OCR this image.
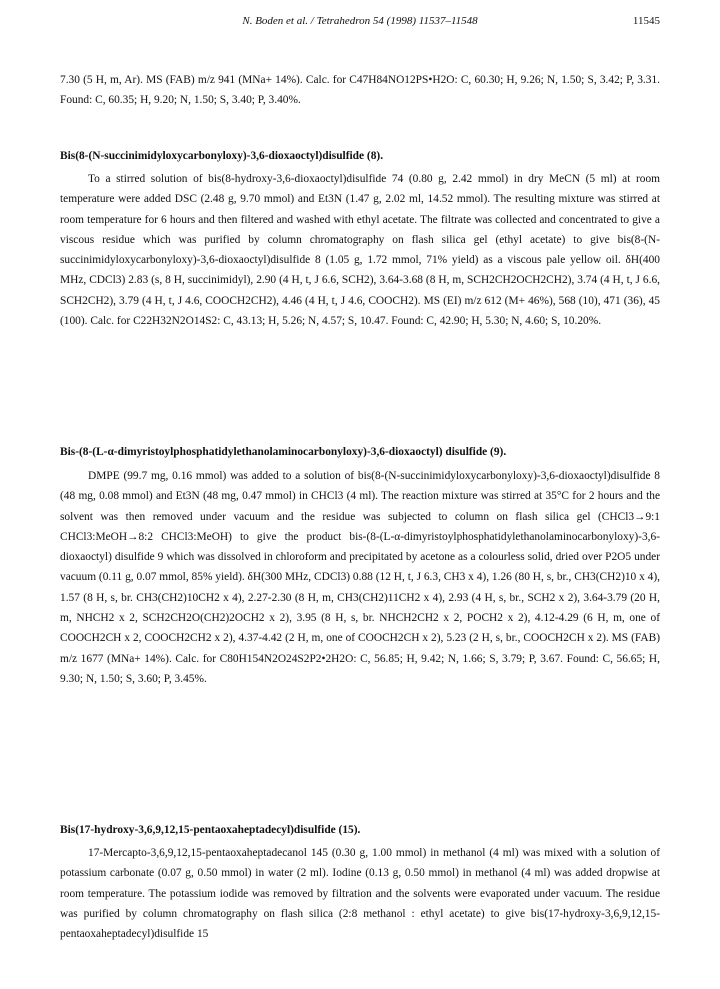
N. Boden et al. / Tetrahedron 54 (1998) 11537–11548	11545

7.30 (5 H, m, Ar). MS (FAB) m/z 941 (MNa+ 14%). Calc. for C47H84NO12PS•H2O: C, 60.30; H, 9.26; N, 1.50; S, 3.42; P, 3.31. Found: C, 60.35; H, 9.20; N, 1.50; S, 3.40; P, 3.40%.

Bis(8-(N-succinimidyloxycarbonyloxy)-3,6-dioxaoctyl)disulfide (8).

To a stirred solution of bis(8-hydroxy-3,6-dioxaoctyl)disulfide 74 (0.80 g, 2.42 mmol) in dry MeCN (5 ml) at room temperature were added DSC (2.48 g, 9.70 mmol) and Et3N (1.47 g, 2.02 ml, 14.52 mmol). The resulting mixture was stirred at room temperature for 6 hours and then filtered and washed with ethyl acetate. The filtrate was collected and concentrated to give a viscous residue which was purified by column chromatography on flash silica gel (ethyl acetate) to give bis(8-(N-succinimidyloxycarbonyloxy)-3,6-dioxaoctyl)disulfide 8 (1.05 g, 1.72 mmol, 71% yield) as a viscous pale yellow oil. δH(400 MHz, CDCl3) 2.83 (s, 8 H, succinimidyl), 2.90 (4 H, t, J 6.6, SCH2), 3.64-3.68 (8 H, m, SCH2CH2OCH2CH2), 3.74 (4 H, t, J 6.6, SCH2CH2), 3.79 (4 H, t, J 4.6, COOCH2CH2), 4.46 (4 H, t, J 4.6, COOCH2). MS (EI) m/z 612 (M+ 46%), 568 (10), 471 (36), 45 (100). Calc. for C22H32N2O14S2: C, 43.13; H, 5.26; N, 4.57; S, 10.47. Found: C, 42.90; H, 5.30; N, 4.60; S, 10.20%.

Bis-(8-(L-α-dimyristoylphosphatidylethanolaminocarbonyloxy)-3,6-dioxaoctyl) disulfide (9).

DMPE (99.7 mg, 0.16 mmol) was added to a solution of bis(8-(N-succinimidyloxycarbonyloxy)-3,6-dioxaoctyl)disulfide 8 (48 mg, 0.08 mmol) and Et3N (48 mg, 0.47 mmol) in CHCl3 (4 ml). The reaction mixture was stirred at 35°C for 2 hours and the solvent was then removed under vacuum and the residue was subjected to column on flash silica gel (CHCl3→9:1 CHCl3:MeOH→8:2 CHCl3:MeOH) to give the product bis-(8-(L-α-dimyristoylphosphatidylethanolaminocarbonyloxy)-3,6-dioxaoctyl) disulfide 9 which was dissolved in chloroform and precipitated by acetone as a colourless solid, dried over P2O5 under vacuum (0.11 g, 0.07 mmol, 85% yield). δH(300 MHz, CDCl3) 0.88 (12 H, t, J 6.3, CH3 x 4), 1.26 (80 H, s, br., CH3(CH2)10 x 4), 1.57 (8 H, s, br. CH3(CH2)10CH2 x 4), 2.27-2.30 (8 H, m, CH3(CH2)11CH2 x 4), 2.93 (4 H, s, br., SCH2 x 2), 3.64-3.79 (20 H, m, NHCH2 x 2, SCH2CH2O(CH2)2OCH2 x 2), 3.95 (8 H, s, br. NHCH2CH2 x 2, POCH2 x 2), 4.12-4.29 (6 H, m, one of COOCH2CH x 2, COOCH2CH2 x 2), 4.37-4.42 (2 H, m, one of COOCH2CH x 2), 5.23 (2 H, s, br., COOCH2CH x 2). MS (FAB) m/z 1677 (MNa+ 14%). Calc. for C80H154N2O24S2P2•2H2O: C, 56.85; H, 9.42; N, 1.66; S, 3.79; P, 3.67. Found: C, 56.65; H, 9.30; N, 1.50; S, 3.60; P, 3.45%.

Bis(17-hydroxy-3,6,9,12,15-pentaoxaheptadecyl)disulfide (15).

17-Mercapto-3,6,9,12,15-pentaoxaheptadecanol 145 (0.30 g, 1.00 mmol) in methanol (4 ml) was mixed with a solution of potassium carbonate (0.07 g, 0.50 mmol) in water (2 ml). Iodine (0.13 g, 0.50 mmol) in methanol (4 ml) was added dropwise at room temperature. The potassium iodide was removed by filtration and the solvents were evaporated under vacuum. The residue was purified by column chromatography on flash silica (2:8 methanol : ethyl acetate) to give bis(17-hydroxy-3,6,9,12,15-pentaoxaheptadecyl)disulfide 15
